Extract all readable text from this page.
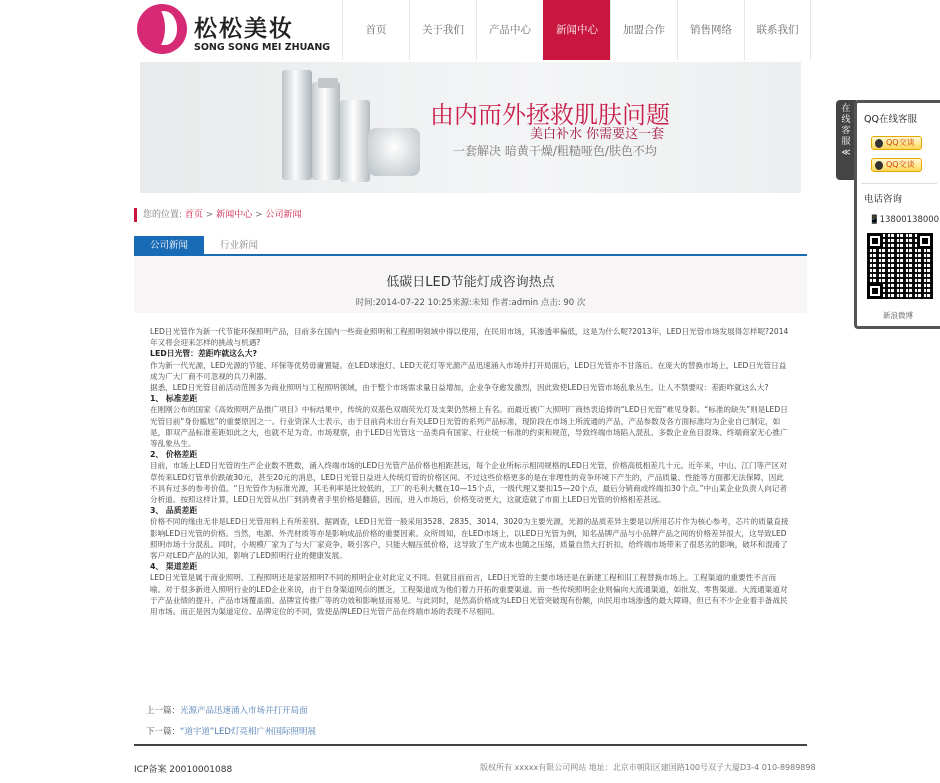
松松美妆
SONG SONG MEI ZHUANG
首页	关于我们	产品中心	新闻中心	加盟合作	销售网络	联系我们
由内而外拯救肌肤问题
美白补水 你需要这一套
一套解决 暗黄干燥/粗糙哑色/肤色不均
您的位置: 首页 > 新闻中心 > 公司新闻
公司新闻	行业新闻
低碳日LED节能灯成咨询热点
时间:2014-07-22 10:25来源:未知 作者:admin 点击: 90 次

LED日光管作为新一代节能环保照明产品，目前多在国内一些商业照明和工程照明领域中得以使用，在民用市场，其渗透率偏低，这是为什么呢?2013年，LED日光管市场发展得怎样呢?2014年又将会迎来怎样的挑战与机遇?

LED日光管：差距咋就这么大?

作为新一代光源，LED光源的节能、环保等优势毋庸置疑。在LED球泡灯、LED天花灯等光源产品迅速涌入市场并打开局面后，LED日光管亦不甘落后。在庞大的替换市场上，LED日光管日益成为广大厂商不可忽视的兵刀利器。

据悉，LED日光管目前活动范围多为商业照明与工程照明领域，由于整个市场需求量日益增加，企业争夺愈发激烈，因此致使LED日光管市场乱象丛生。让人不禁要叹：差距咋就这么大?

1、 标准差距

在刚刚公布的国家《高效照明产品推广项目》中标结果中，传统的双基色双端荧光灯及支架仍然榜上有名。而最近被广大照明厂商热衷追捧的“LED日光管”难见身影。“标准的缺失”则是LED日光管目前“身份尴尬”的重要原因之一。行业资深人士表示，由于目前尚未出台有关LED日光管的系列产品标准，现阶段在市场上所流通的产品，产品参数及各方面标准均为企业自已制定，如是，即双产品标准差距如此之大，也就不足为奇。市场观察，由于LED日光管这一品类尚有国家、行业统一标准的约束和规范，导致终端市场陷入混乱、多数企业鱼目混珠、终端商家无心推广等乱象丛生。

2、 价格差距

目前，市场上LED日光管的生产企业数不胜数，涌入终端市场的LED日光管产品价格也相距甚远，每个企业所标示相同规格的LED日光管，价格高低相差几十元。近年来，中山、江门等产区对草传来LED灯管单价跌破30元，甚至20元的消息，LED日光管日益进入传统灯管的价格区间。不过这些价格更多的是在非理性的竞争环境下产生的，产品质量、性能等方面都无法保障，因此不具有过多的参考价值。“日光管作为标准光源，其毛利率是比较低的，工厂的毛利大概在10—15个点，一级代理又要扣15—20个点，最后分销商或终端扣30个点。”中山某企业负责人向记者分析道。按照这样计算，LED日光管从出厂到消费者手里价格是翻倍，因而，进入市场后，价格变动更大，这就造就了市面上LED日光管的价格相差甚远。

3、 品质差距

价格不同的缘由无非是LED日光管用料上有所差别。据调查，LED日光管一般采用3528、2835、3014、3020为主要光源，光源的品质差异主要是以所用芯片作为核心参考，芯片的质量直接影响LED日光管的价格。当然，电源、外壳材质等亦是影响成品价格的重要因素。众所周知，在LED市场上，以LED日光管为例，知名品牌产品与小品牌产品之间的价格差异很大，这导致LED照明市场十分混乱。同时，小规模厂家为了与大厂家竞争，吸引客户，只能大幅压低价格，这导致了生产成本也随之压缩，质量自然大打折扣，给终端市场带来了很恶劣的影响，破坏和混淆了客户对LED产品的认知，影响了LED照明行业的健康发展。

4、 渠道差距

LED日光管是属于商业照明、工程照明还是家居照明?不同的照明企业对此定义不同。但就目前而言，LED日光管的主要市场还是在新建工程和旧工程替换市场上。工程渠道的重要性不言而喻。对于很多新进入照明行业的LED企业来说，由于自身渠道网点的匮乏，工程渠道成为他们着力开拓的重要渠道。而一些传统照明企业则偏向大流通渠道，如批发、零售渠道。大流通渠道对于产品业绩的提升、产品市场覆盖面、品牌宣传推广等的功效和影响显而易见。与此同时，是然高价格成为LED日光管突破现有份额，向民用市场渗透的最大障碍，但已有不少企业着手备战民用市场。而正是因为渠道定位、品牌定位的不同，致使品牌LED日光管产品在终端市场的表现不尽相同。

上一篇：光源产品迅速涌入市场并打开局面
下一篇：“道宇道”LED灯亮相广州国际照明展
ICP备案 20010001088	版权所有 xxxxx有限公司网站 地址：北京市朝阳区建国路100号双子大厦D3-4 010-8989898
在线客服
≪
QQ在线客服
QQ交谈
QQ交谈
电话咨询
📱13800138000
新浪微博
